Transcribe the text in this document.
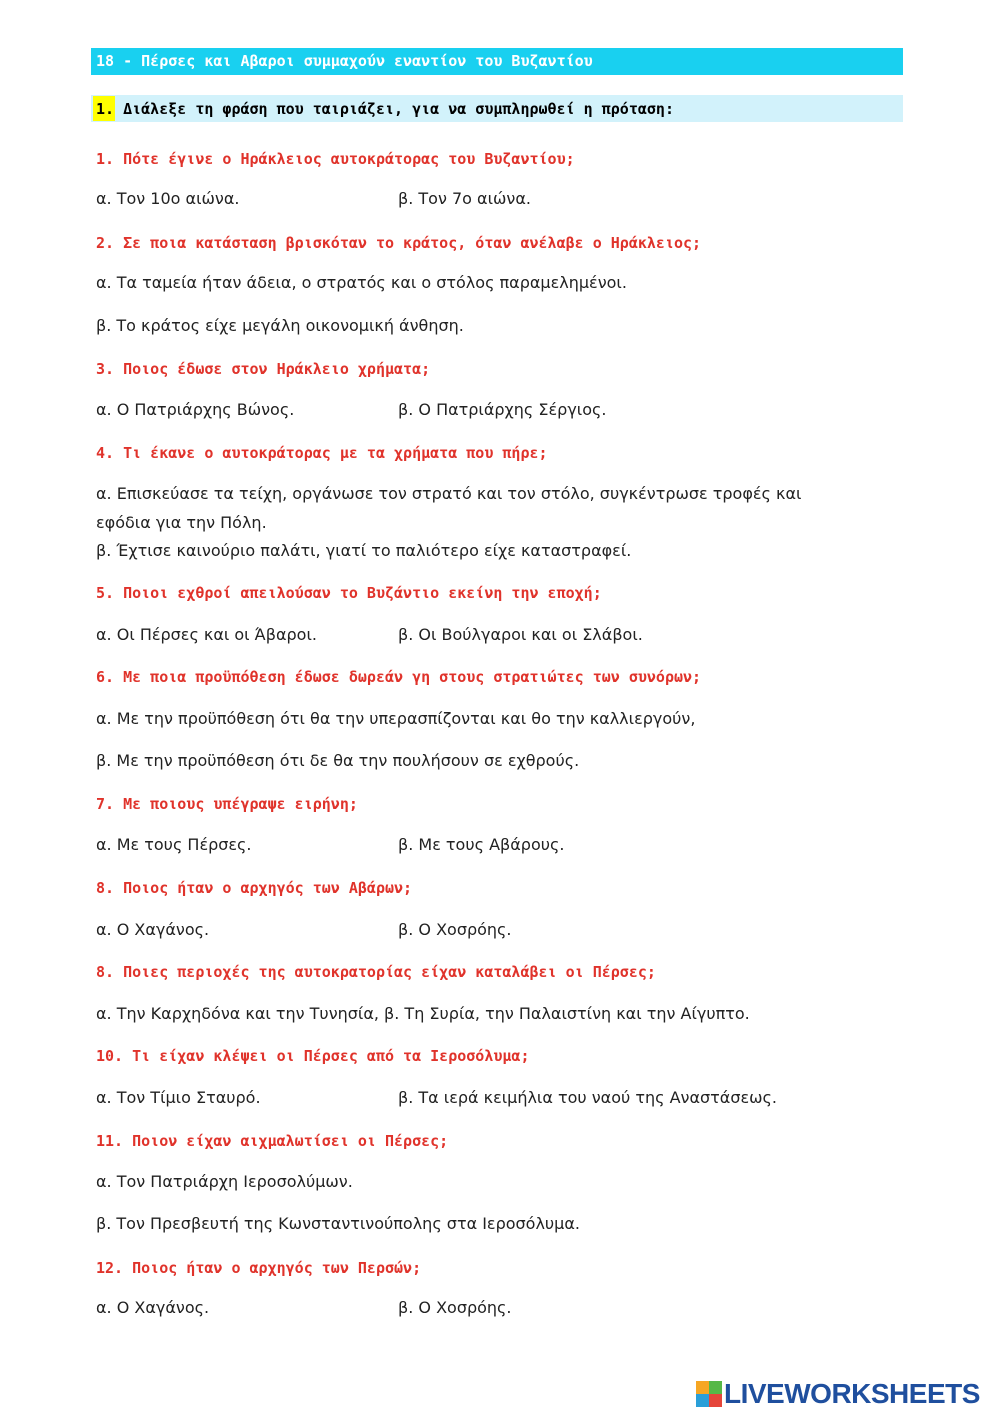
18 - Πέρσες και Αβαροι συμμαχούν εναντίον του Βυζαντίου
1. Διάλεξε τη φράση που ταιριάζει, για να συμπληρωθεί η πρόταση:
1. Πότε έγινε ο Ηράκλειος αυτοκράτορας του Βυζαντίου;
α. Τον 10ο αιώνα.	β. Τον 7ο αιώνα.
2. Σε ποια κατάσταση βρισκόταν το κράτος, όταν ανέλαβε ο Ηράκλειος;
α. Τα ταμεία ήταν άδεια, ο στρατός και ο στόλος παραμελημένοι.
β. Το κράτος είχε μεγάλη οικονομική άνθηση.
3. Ποιος έδωσε στον Ηράκλειο χρήματα;
α. Ο Πατριάρχης Βώνος.	β. Ο Πατριάρχης Σέργιος.
4. Τι έκανε ο αυτοκράτορας με τα χρήματα που πήρε;
α. Επισκεύασε τα τείχη, οργάνωσε τον στρατό και τον στόλο, συγκέντρωσε τροφές και
εφόδια για την Πόλη.
β. Έχτισε καινούριο παλάτι, γιατί το παλιότερο είχε καταστραφεί.
5. Ποιοι εχθροί απειλούσαν το Βυζάντιο εκείνη την εποχή;
α. Οι Πέρσες και οι Άβαροι.	β. Οι Βούλγαροι και οι Σλάβοι.
6. Με ποια προϋπόθεση έδωσε δωρεάν γη στους στρατιώτες των συνόρων;
α. Με την προϋπόθεση ότι θα την υπερασπίζονται και θο την καλλιεργούν,
β. Με την προϋπόθεση ότι δε θα την πουλήσουν σε εχθρούς.
7. Με ποιους υπέγραψε ειρήνη;
α. Με τους Πέρσες.	β. Με τους Αβάρους.
8. Ποιος ήταν ο αρχηγός των Αβάρων;
α. Ο Χαγάνος.	β. Ο Χοσρόης.
8. Ποιες περιοχές της αυτοκρατορίας είχαν καταλάβει οι Πέρσες;
α. Την Καρχηδόνα και την Τυνησία, β. Τη Συρία, την Παλαιστίνη και την Αίγυπτο.
10. Τι είχαν κλέψει οι Πέρσες από τα Ιεροσόλυμα;
α. Τον Τίμιο Σταυρό.	β. Τα ιερά κειμήλια του ναού της Αναστάσεως.
11. Ποιον είχαν αιχμαλωτίσει οι Πέρσες;
α. Τον Πατριάρχη Ιεροσολύμων.
β. Τον Πρεσβευτή της Κωνσταντινούπολης στα Ιεροσόλυμα.
12. Ποιος ήταν ο αρχηγός των Περσών;
α. Ο Χαγάνος.	β. Ο Χοσρόης.
LIVEWORKSHEETS
